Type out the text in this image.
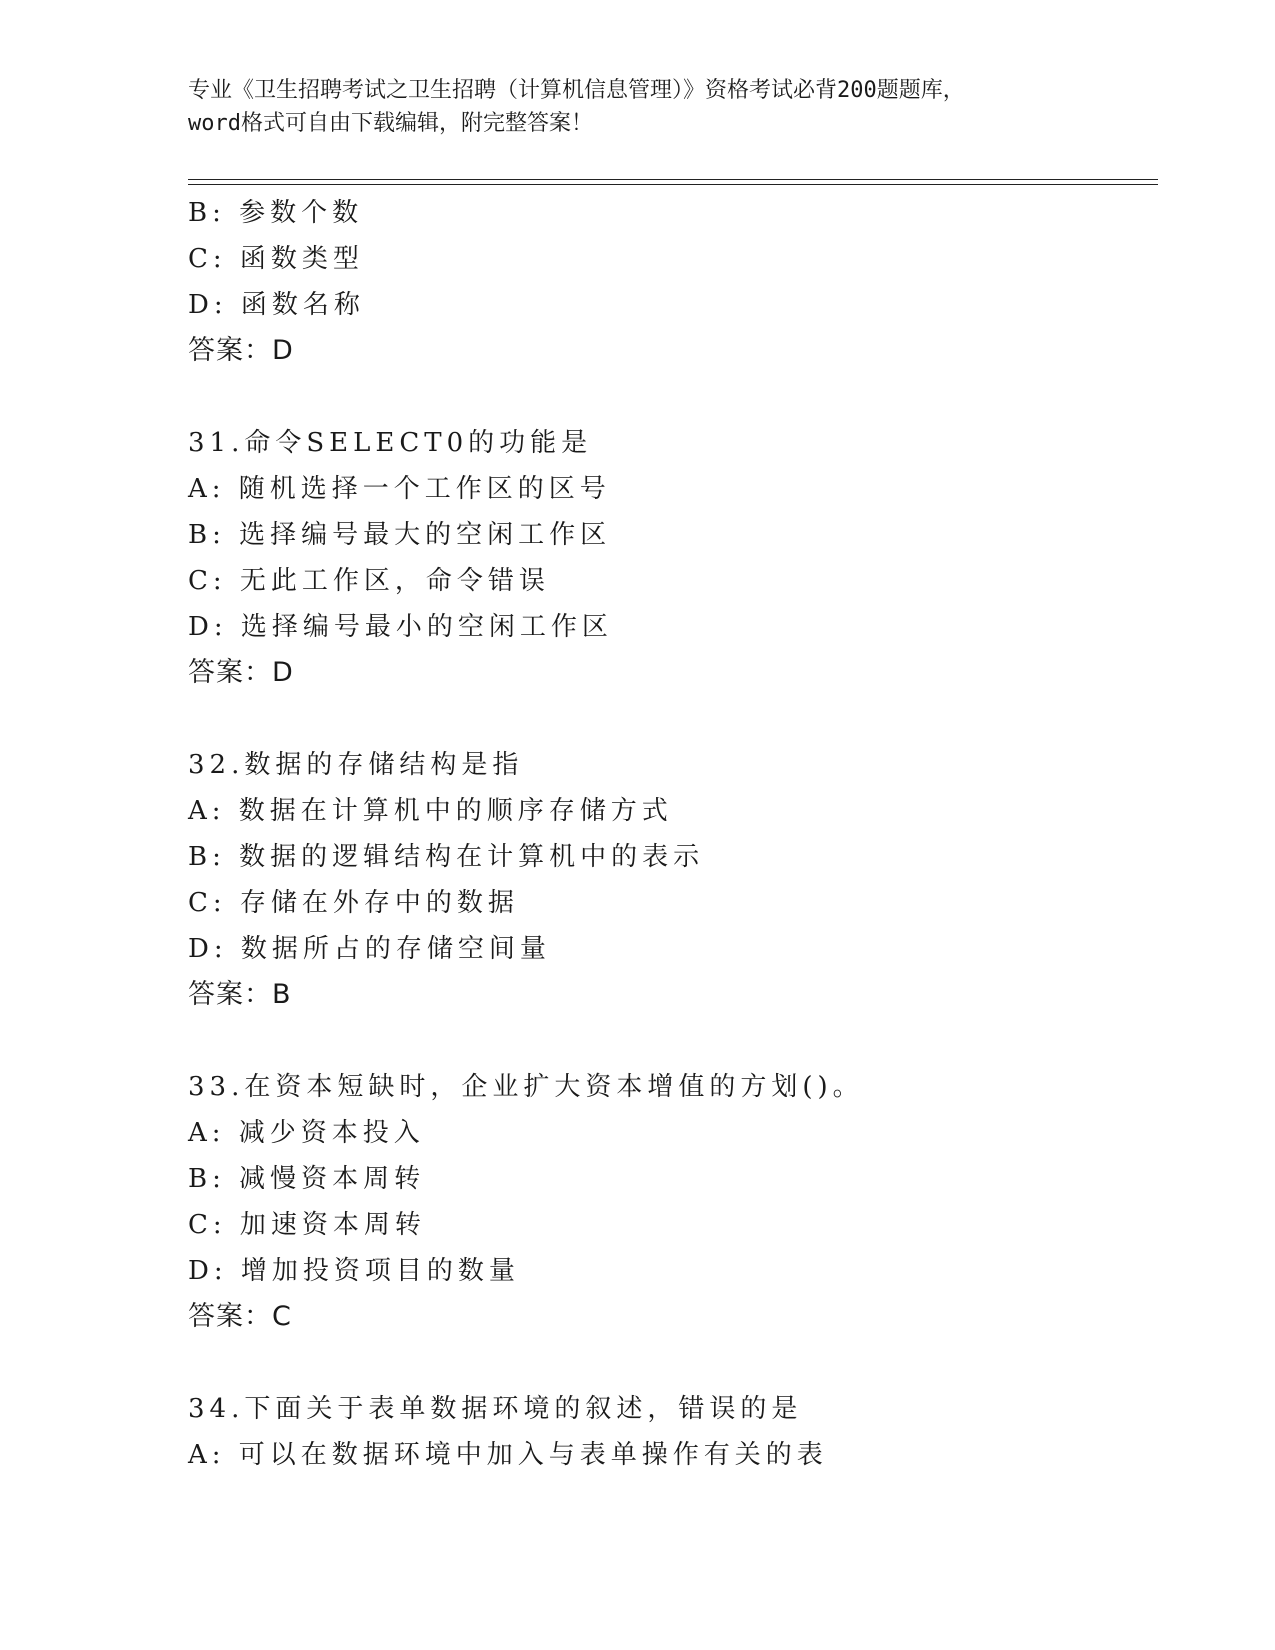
专业《卫生招聘考试之卫生招聘（计算机信息管理）》资格考试必背200题题库，
word格式可自由下载编辑，附完整答案！
B: 参数个数
C: 函数类型
D: 函数名称
答案：D
31.命令SELECT0的功能是
A: 随机选择一个工作区的区号
B: 选择编号最大的空闲工作区
C: 无此工作区，命令错误
D: 选择编号最小的空闲工作区
答案：D
32.数据的存储结构是指
A: 数据在计算机中的顺序存储方式
B: 数据的逻辑结构在计算机中的表示
C: 存储在外存中的数据
D: 数据所占的存储空间量
答案：B
33.在资本短缺时，企业扩大资本增值的方划()。
A: 减少资本投入
B: 减慢资本周转
C: 加速资本周转
D: 增加投资项目的数量
答案：C
34.下面关于表单数据环境的叙述，错误的是
A: 可以在数据环境中加入与表单操作有关的表
